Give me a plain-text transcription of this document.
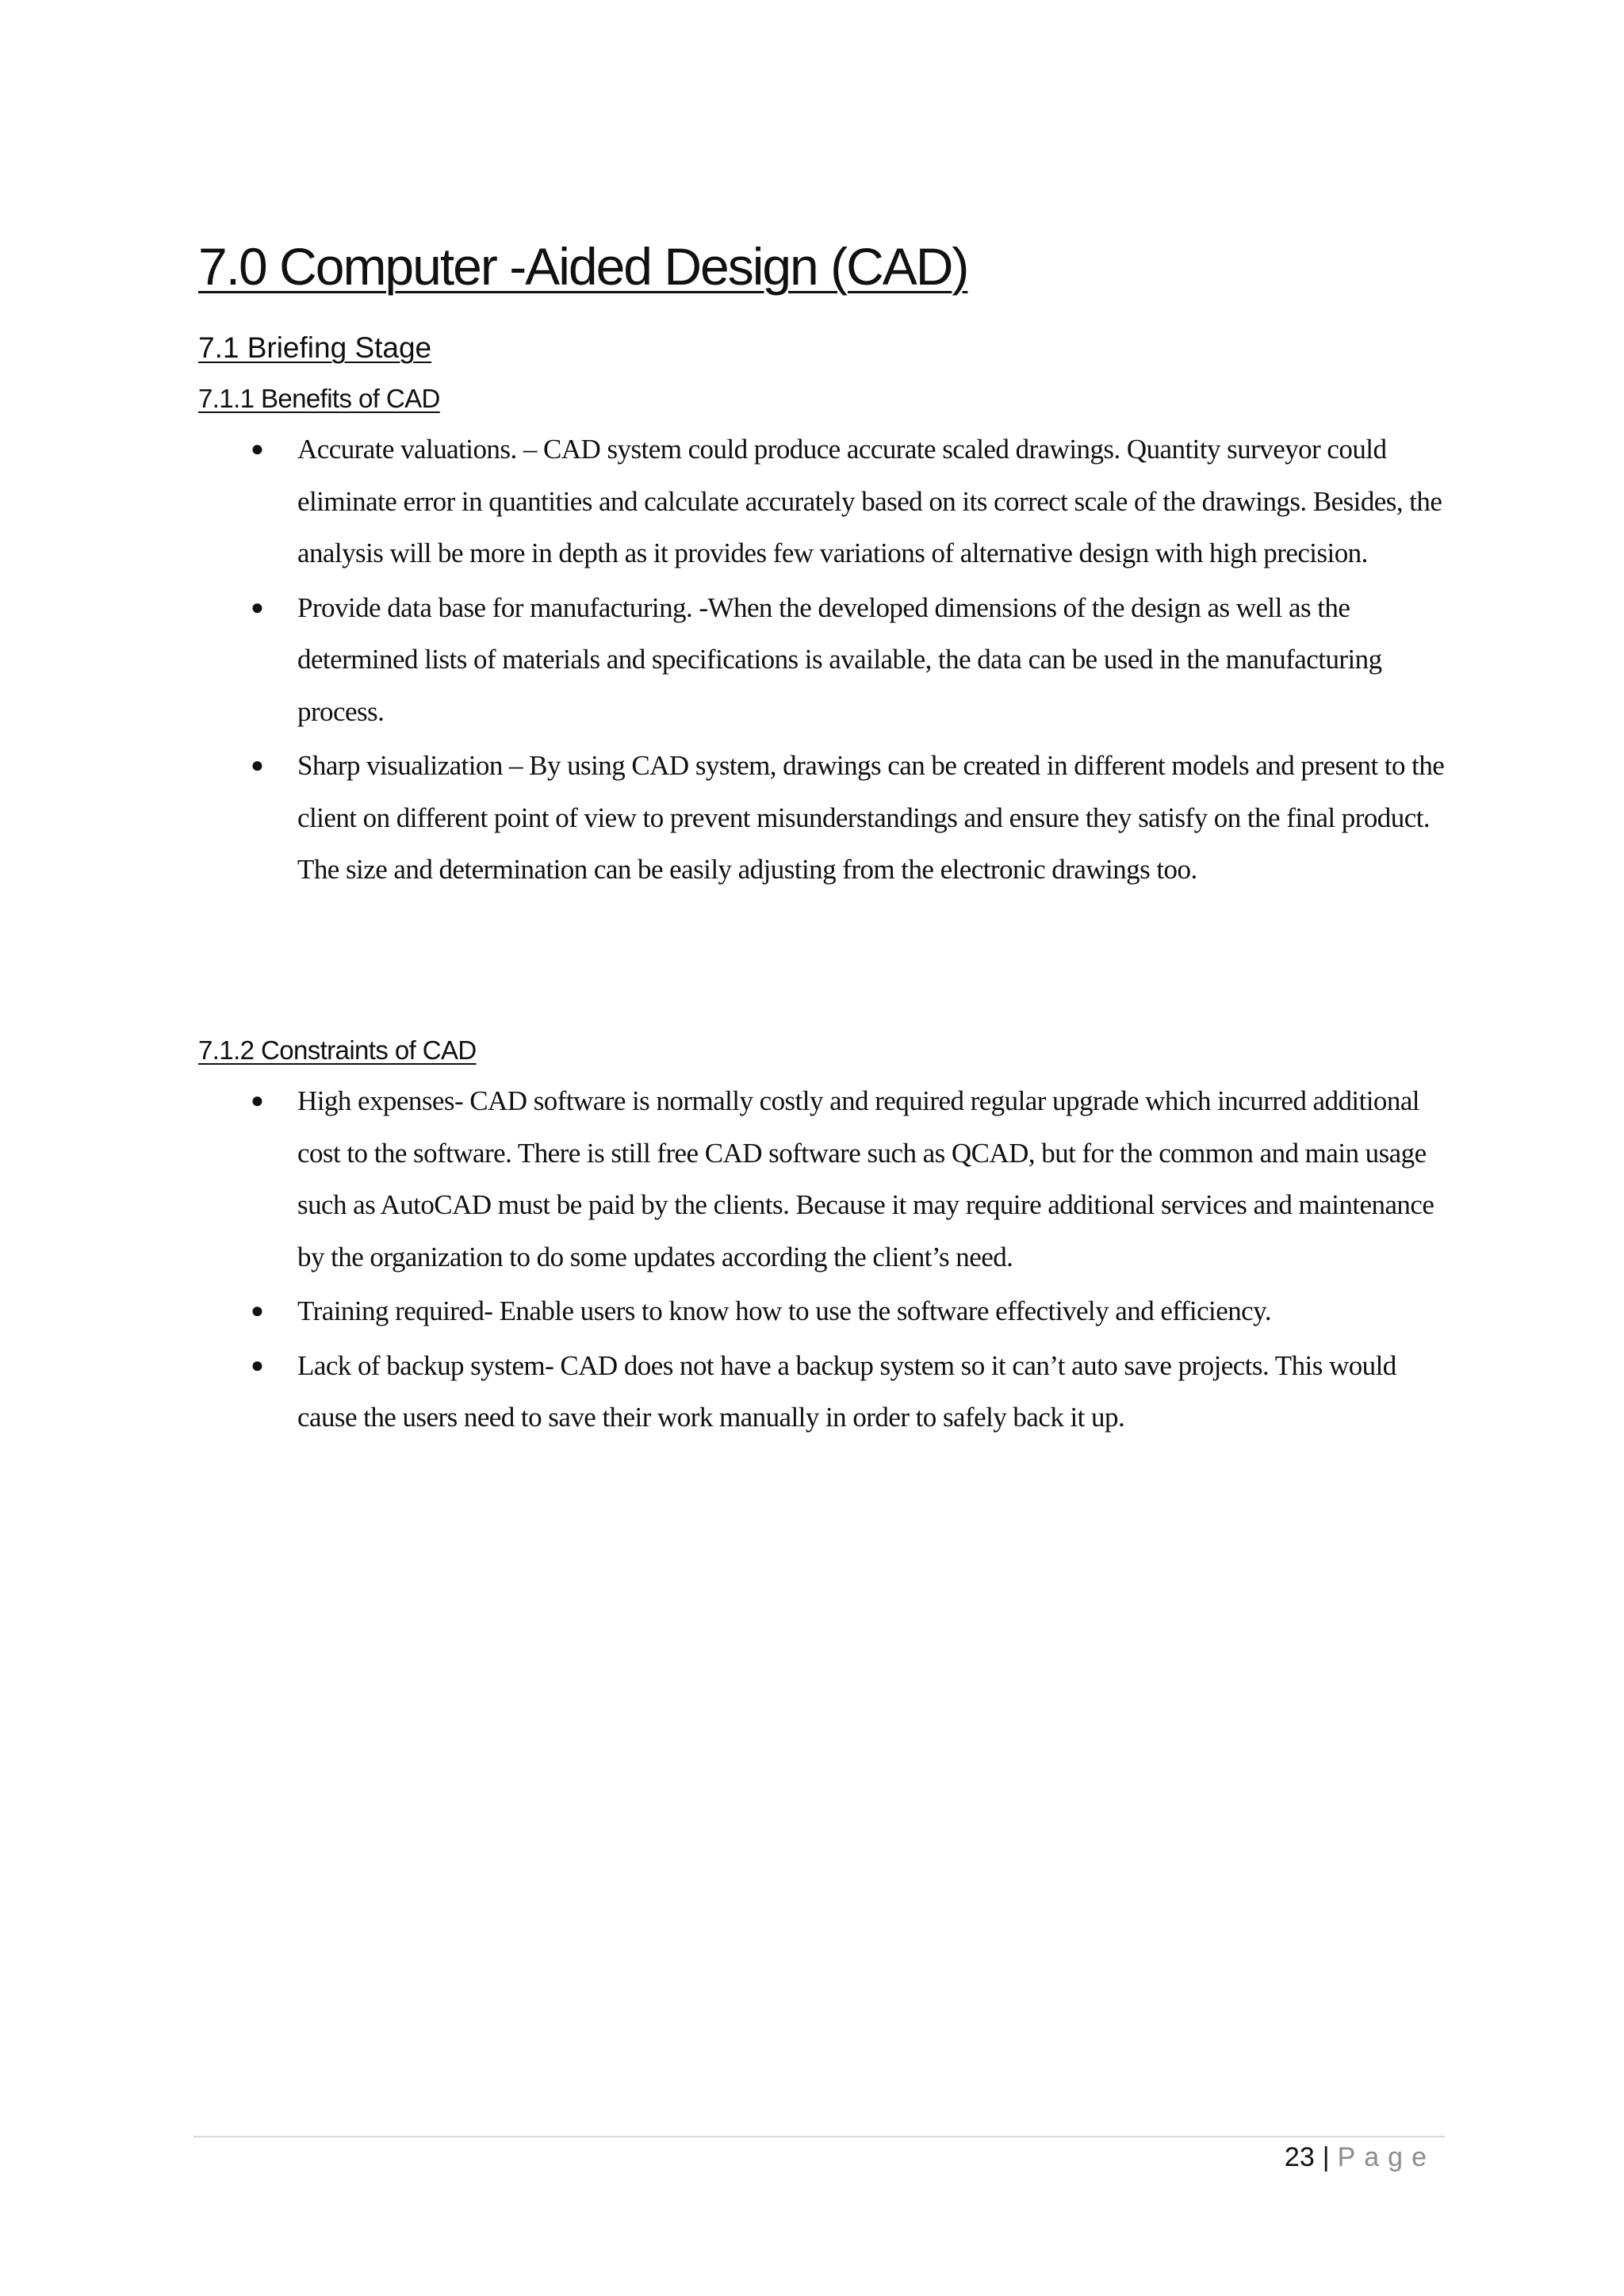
7.0 Computer -Aided Design (CAD)
7.1 Briefing Stage
7.1.1 Benefits of CAD
● Accurate valuations. – CAD system could produce accurate scaled drawings. Quantity surveyor could eliminate error in quantities and calculate accurately based on its correct scale of the drawings. Besides, the analysis will be more in depth as it provides few variations of alternative design with high precision.
● Provide data base for manufacturing. -When the developed dimensions of the design as well as the determined lists of materials and specifications is available, the data can be used in the manufacturing process.
● Sharp visualization – By using CAD system, drawings can be created in different models and present to the client on different point of view to prevent misunderstandings and ensure they satisfy on the final product. The size and determination can be easily adjusting from the electronic drawings too.
7.1.2 Constraints of CAD
● High expenses- CAD software is normally costly and required regular upgrade which incurred additional cost to the software. There is still free CAD software such as QCAD, but for the common and main usage such as AutoCAD must be paid by the clients. Because it may require additional services and maintenance by the organization to do some updates according the client’s need.
● Training required- Enable users to know how to use the software effectively and efficiency.
● Lack of backup system- CAD does not have a backup system so it can’t auto save projects. This would cause the users need to save their work manually in order to safely back it up.
23 | Page
